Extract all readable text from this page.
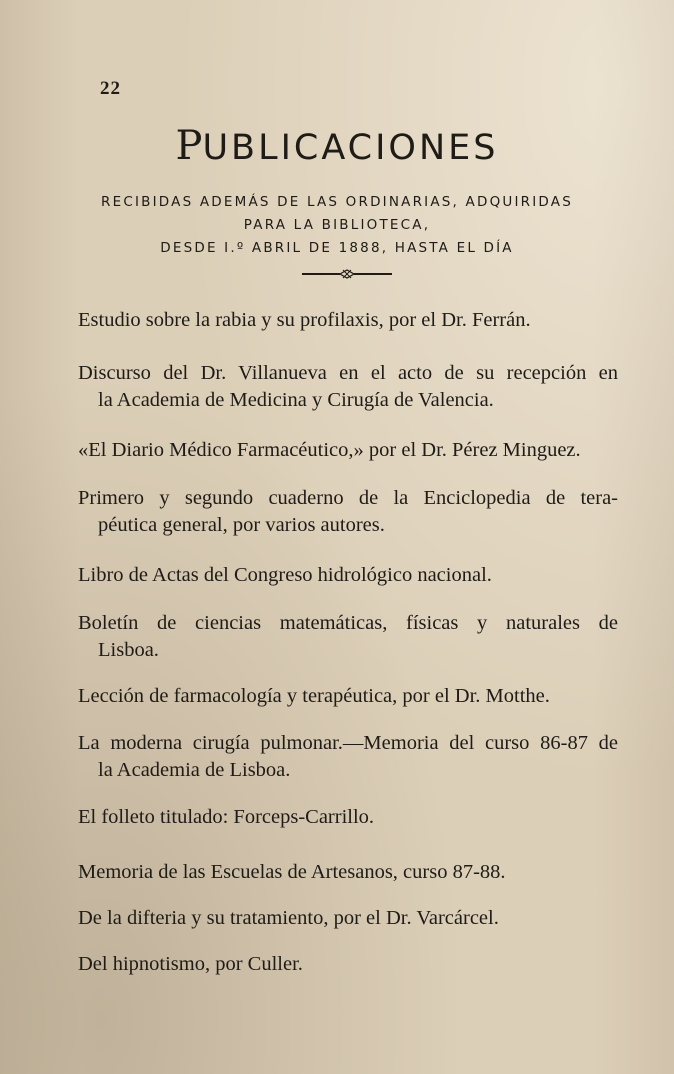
22
PUBLICACIONES
RECIBIDAS ADEMÁS DE LAS ORDINARIAS, ADQUIRIDAS
PARA LA BIBLIOTECA,
DESDE I.º ABRIL DE 1888, HASTA EL DÍA

Estudio sobre la rabia y su profilaxis, por el Dr. Ferrán.

Discurso del Dr. Villanueva en el acto de su recepción en
la Academia de Medicina y Cirugía de Valencia.

«El Diario Médico Farmacéutico,» por el Dr. Pérez Minguez.

Primero y segundo cuaderno de la Enciclopedia de tera-
péutica general, por varios autores.

Libro de Actas del Congreso hidrológico nacional.

Boletín de ciencias matemáticas, físicas y naturales de
Lisboa.

Lección de farmacología y terapéutica, por el Dr. Motthe.

La moderna cirugía pulmonar.—Memoria del curso 86-87 de
la Academia de Lisboa.

El folleto titulado: Forceps-Carrillo.

Memoria de las Escuelas de Artesanos, curso 87-88.

De la difteria y su tratamiento, por el Dr. Varcárcel.

Del hipnotismo, por Culler.
